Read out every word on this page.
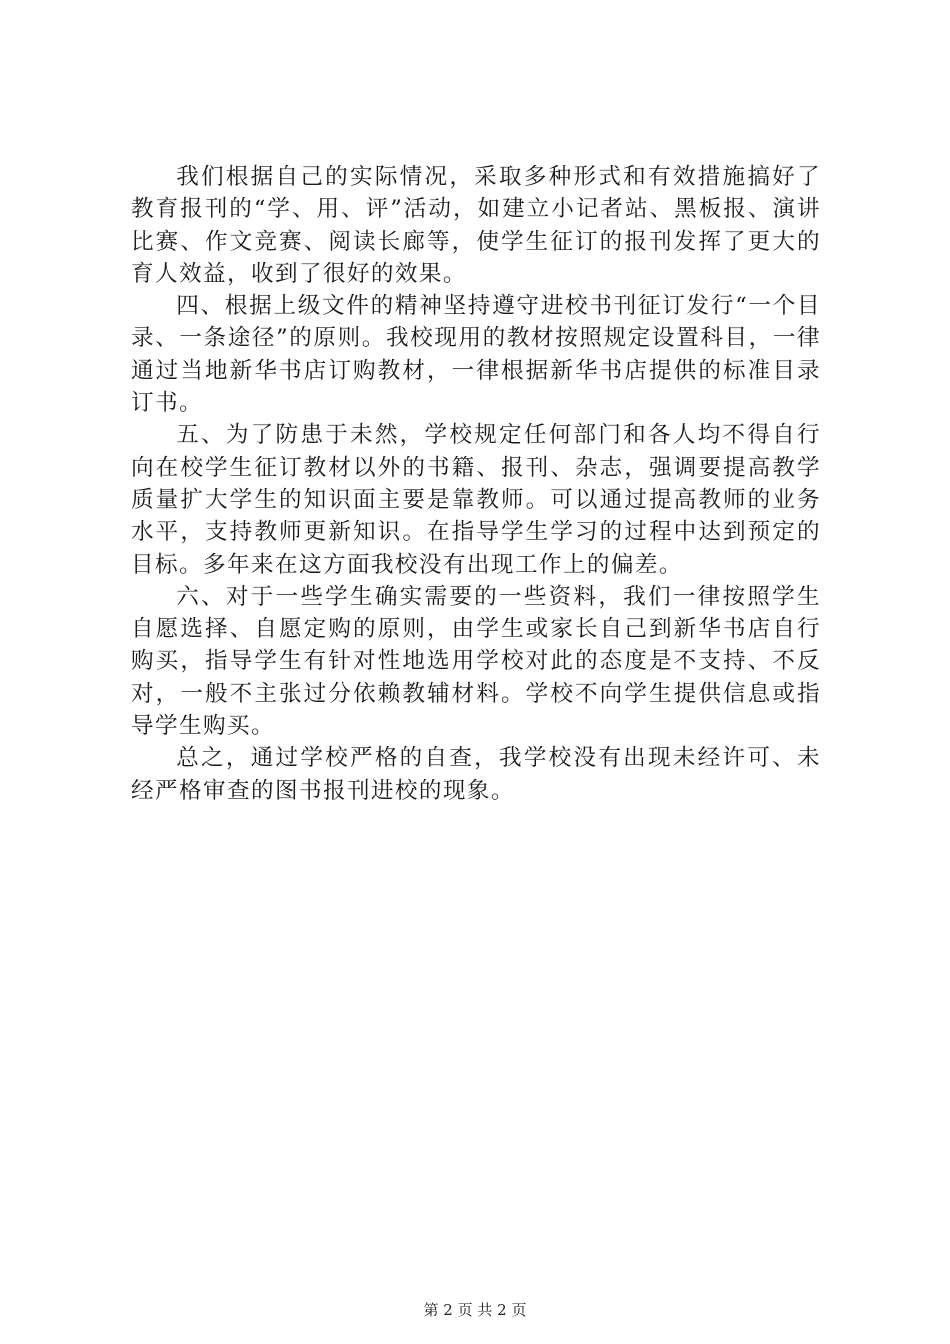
我们根据自己的实际情况，采取多种形式和有效措施搞好了教育报刊的“学、用、评”活动，如建立小记者站、黑板报、演讲比赛、作文竞赛、阅读长廊等，使学生征订的报刊发挥了更大的育人效益，收到了很好的效果。

四、根据上级文件的精神坚持遵守进校书刊征订发行“一个目录、一条途径”的原则。我校现用的教材按照规定设置科目，一律通过当地新华书店订购教材，一律根据新华书店提供的标准目录订书。

五、为了防患于未然，学校规定任何部门和各人均不得自行向在校学生征订教材以外的书籍、报刊、杂志，强调要提高教学质量扩大学生的知识面主要是靠教师。可以通过提高教师的业务水平，支持教师更新知识。在指导学生学习的过程中达到预定的目标。多年来在这方面我校没有出现工作上的偏差。

六、对于一些学生确实需要的一些资料，我们一律按照学生自愿选择、自愿定购的原则，由学生或家长自己到新华书店自行购买，指导学生有针对性地选用学校对此的态度是不支持、不反对，一般不主张过分依赖教辅材料。学校不向学生提供信息或指导学生购买。

总之，通过学校严格的自查，我学校没有出现未经许可、未经严格审查的图书报刊进校的现象。

第 2 页 共 2 页
